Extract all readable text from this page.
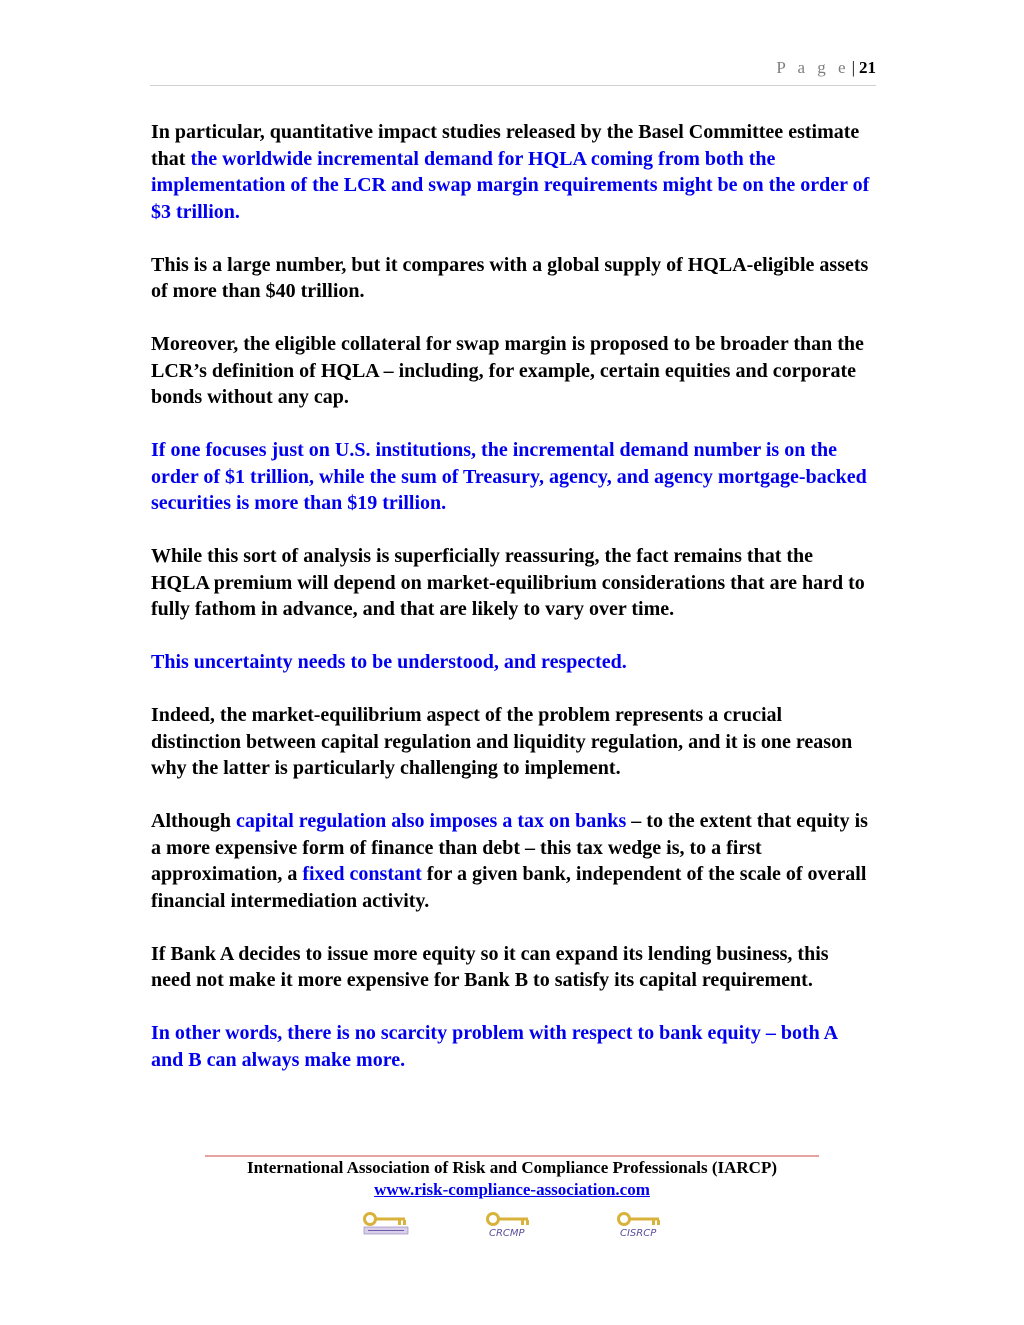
P a g e | 21

In particular, quantitative impact studies released by the Basel Committee estimate that the worldwide incremental demand for HQLA coming from both the implementation of the LCR and swap margin requirements might be on the order of $3 trillion.

This is a large number, but it compares with a global supply of HQLA-eligible assets of more than $40 trillion.

Moreover, the eligible collateral for swap margin is proposed to be broader than the LCR’s definition of HQLA – including, for example, certain equities and corporate bonds without any cap.

If one focuses just on U.S. institutions, the incremental demand number is on the order of $1 trillion, while the sum of Treasury, agency, and agency mortgage-backed securities is more than $19 trillion.

While this sort of analysis is superficially reassuring, the fact remains that the HQLA premium will depend on market-equilibrium considerations that are hard to fully fathom in advance, and that are likely to vary over time.

This uncertainty needs to be understood, and respected.

Indeed, the market-equilibrium aspect of the problem represents a crucial distinction between capital regulation and liquidity regulation, and it is one reason why the latter is particularly challenging to implement.

Although capital regulation also imposes a tax on banks – to the extent that equity is a more expensive form of finance than debt – this tax wedge is, to a first approximation, a fixed constant for a given bank, independent of the scale of overall financial intermediation activity.

If Bank A decides to issue more equity so it can expand its lending business, this need not make it more expensive for Bank B to satisfy its capital requirement.

In other words, there is no scarcity problem with respect to bank equity – both A and B can always make more.

International Association of Risk and Compliance Professionals (IARCP)
www.risk-compliance-association.com
CRCMP	CISRCP
